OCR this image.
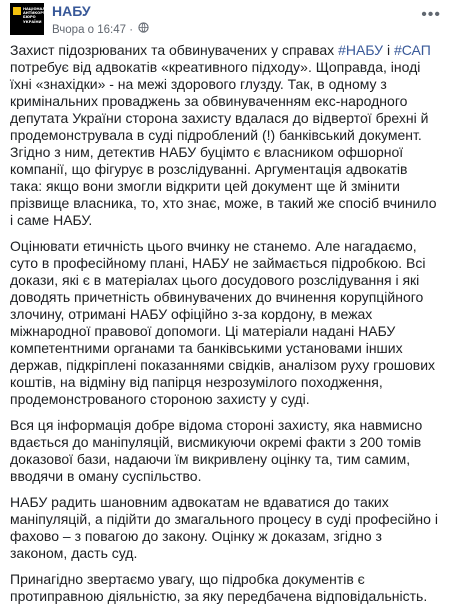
НАЦІОНАЛЬНЕ АНТИКОРУПЦІЙНЕ БЮРО УКРАЇНИ
НАБУ
Вчора о 16:47 ·
•••

Захист підозрюваних та обвинувачених у справах #НАБУ і #САП потребує від адвокатів «креативного підходу». Щоправда, іноді їхні «знахідки» - на межі здорового глузду. Так, в одному з кримінальних проваджень за обвинуваченням екс-народного депутата України сторона захисту вдалася до відвертої брехні й продемонструвала в суді підроблений (!) банківський документ. Згідно з ним, детектив НАБУ буцімто є власником офшорної компанії, що фігурує в розслідуванні. Аргументація адвокатів така: якщо вони змогли відкрити цей документ ще й змінити прізвище власника, то, хто знає, може, в такий же спосіб вчинило і саме НАБУ.

Оцінювати етичність цього вчинку не станемо. Але нагадаємо, суто в професійному плані, НАБУ не займається підробкою. Всі докази, які є в матеріалах цього досудового розслідування і які доводять причетність обвинувачених до вчинення корупційного злочину, отримані НАБУ офіційно з-за кордону, в межах міжнародної правової допомоги. Ці матеріали надані НАБУ компетентними органами та банківськими установами інших держав, підкріплені показаннями свідків, аналізом руху грошових коштів, на відміну від папірця незрозумілого походження, продемонстрованого стороною захисту у суді.

Вся ця інформація добре відома стороні захисту, яка навмисно вдається до маніпуляцій, висмикуючи окремі факти з 200 томів доказової бази, надаючи їм викривлену оцінку та, тим самим, вводячи в оману суспільство.

НАБУ радить шановним адвокатам не вдаватися до таких маніпуляцій, а підійти до змагального процесу в суді професійно і фахово – з повагою до закону. Оцінку ж доказам, згідно з законом, дасть суд.

Принагідно звертаємо увагу, що підробка документів є протиправною діяльністю, за яку передбачена відповідальність.
